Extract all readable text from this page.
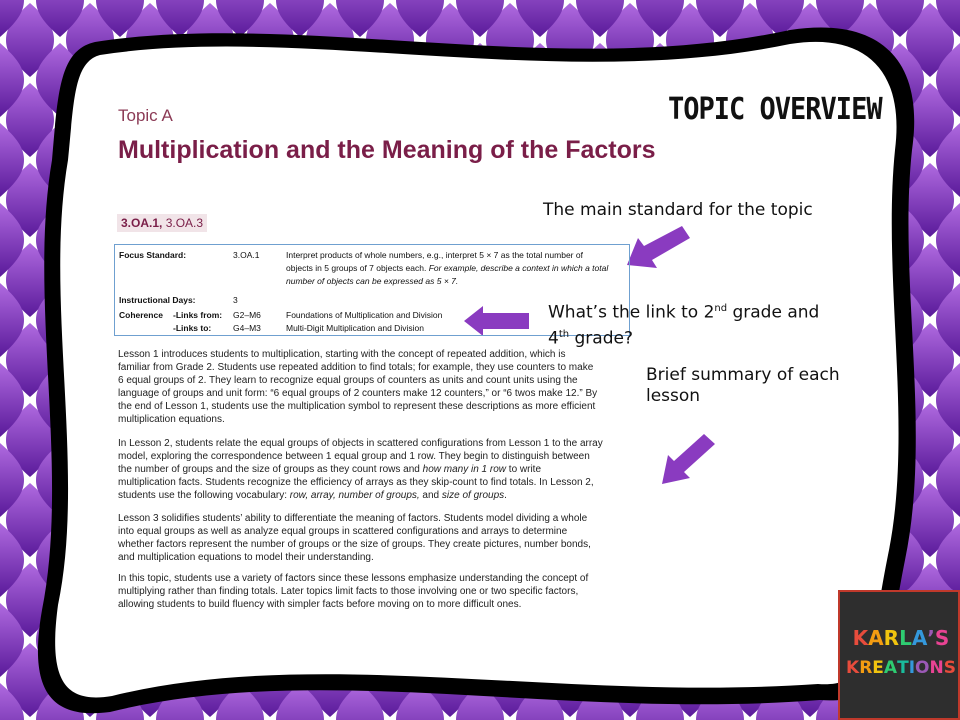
TOPIC OVERVIEW
Topic A
Multiplication and the Meaning of the Factors
3.OA.1, 3.OA.3
Focus Standard:	3.OA.1	Interpret products of whole numbers, e.g., interpret 5 × 7 as the total number of
objects in 5 groups of 7 objects each. For example, describe a context in which a total
number of objects can be expressed as 5 × 7.
Instructional Days:	3
Coherence -Links from: G2–M6	Foundations of Multiplication and Division
-Links to:	G4–M3	Multi-Digit Multiplication and Division
Lesson 1 introduces students to multiplication, starting with the concept of repeated addition, which is
familiar from Grade 2. Students use repeated addition to find totals; for example, they use counters to make
6 equal groups of 2. They learn to recognize equal groups of counters as units and count units using the
language of groups and unit form: “6 equal groups of 2 counters make 12 counters,” or “6 twos make 12.” By
the end of Lesson 1, students use the multiplication symbol to represent these descriptions as more efficient
multiplication equations.
In Lesson 2, students relate the equal groups of objects in scattered configurations from Lesson 1 to the array
model, exploring the correspondence between 1 equal group and 1 row. They begin to distinguish between
the number of groups and the size of groups as they count rows and how many in 1 row to write
multiplication facts. Students recognize the efficiency of arrays as they skip-count to find totals. In Lesson 2,
students use the following vocabulary: row, array, number of groups, and size of groups.
Lesson 3 solidifies students’ ability to differentiate the meaning of factors. Students model dividing a whole
into equal groups as well as analyze equal groups in scattered configurations and arrays to determine
whether factors represent the number of groups or the size of groups. They create pictures, number bonds,
and multiplication equations to model their understanding.
In this topic, students use a variety of factors since these lessons emphasize understanding the concept of
multiplying rather than finding totals. Later topics limit facts to those involving one or two specific factors,
allowing students to build fluency with simpler facts before moving on to more difficult ones.
The main standard for the topic
What’s the link to 2nd grade and
4th grade?
Brief summary of each
lesson
KARLA’S
KREATIONS
